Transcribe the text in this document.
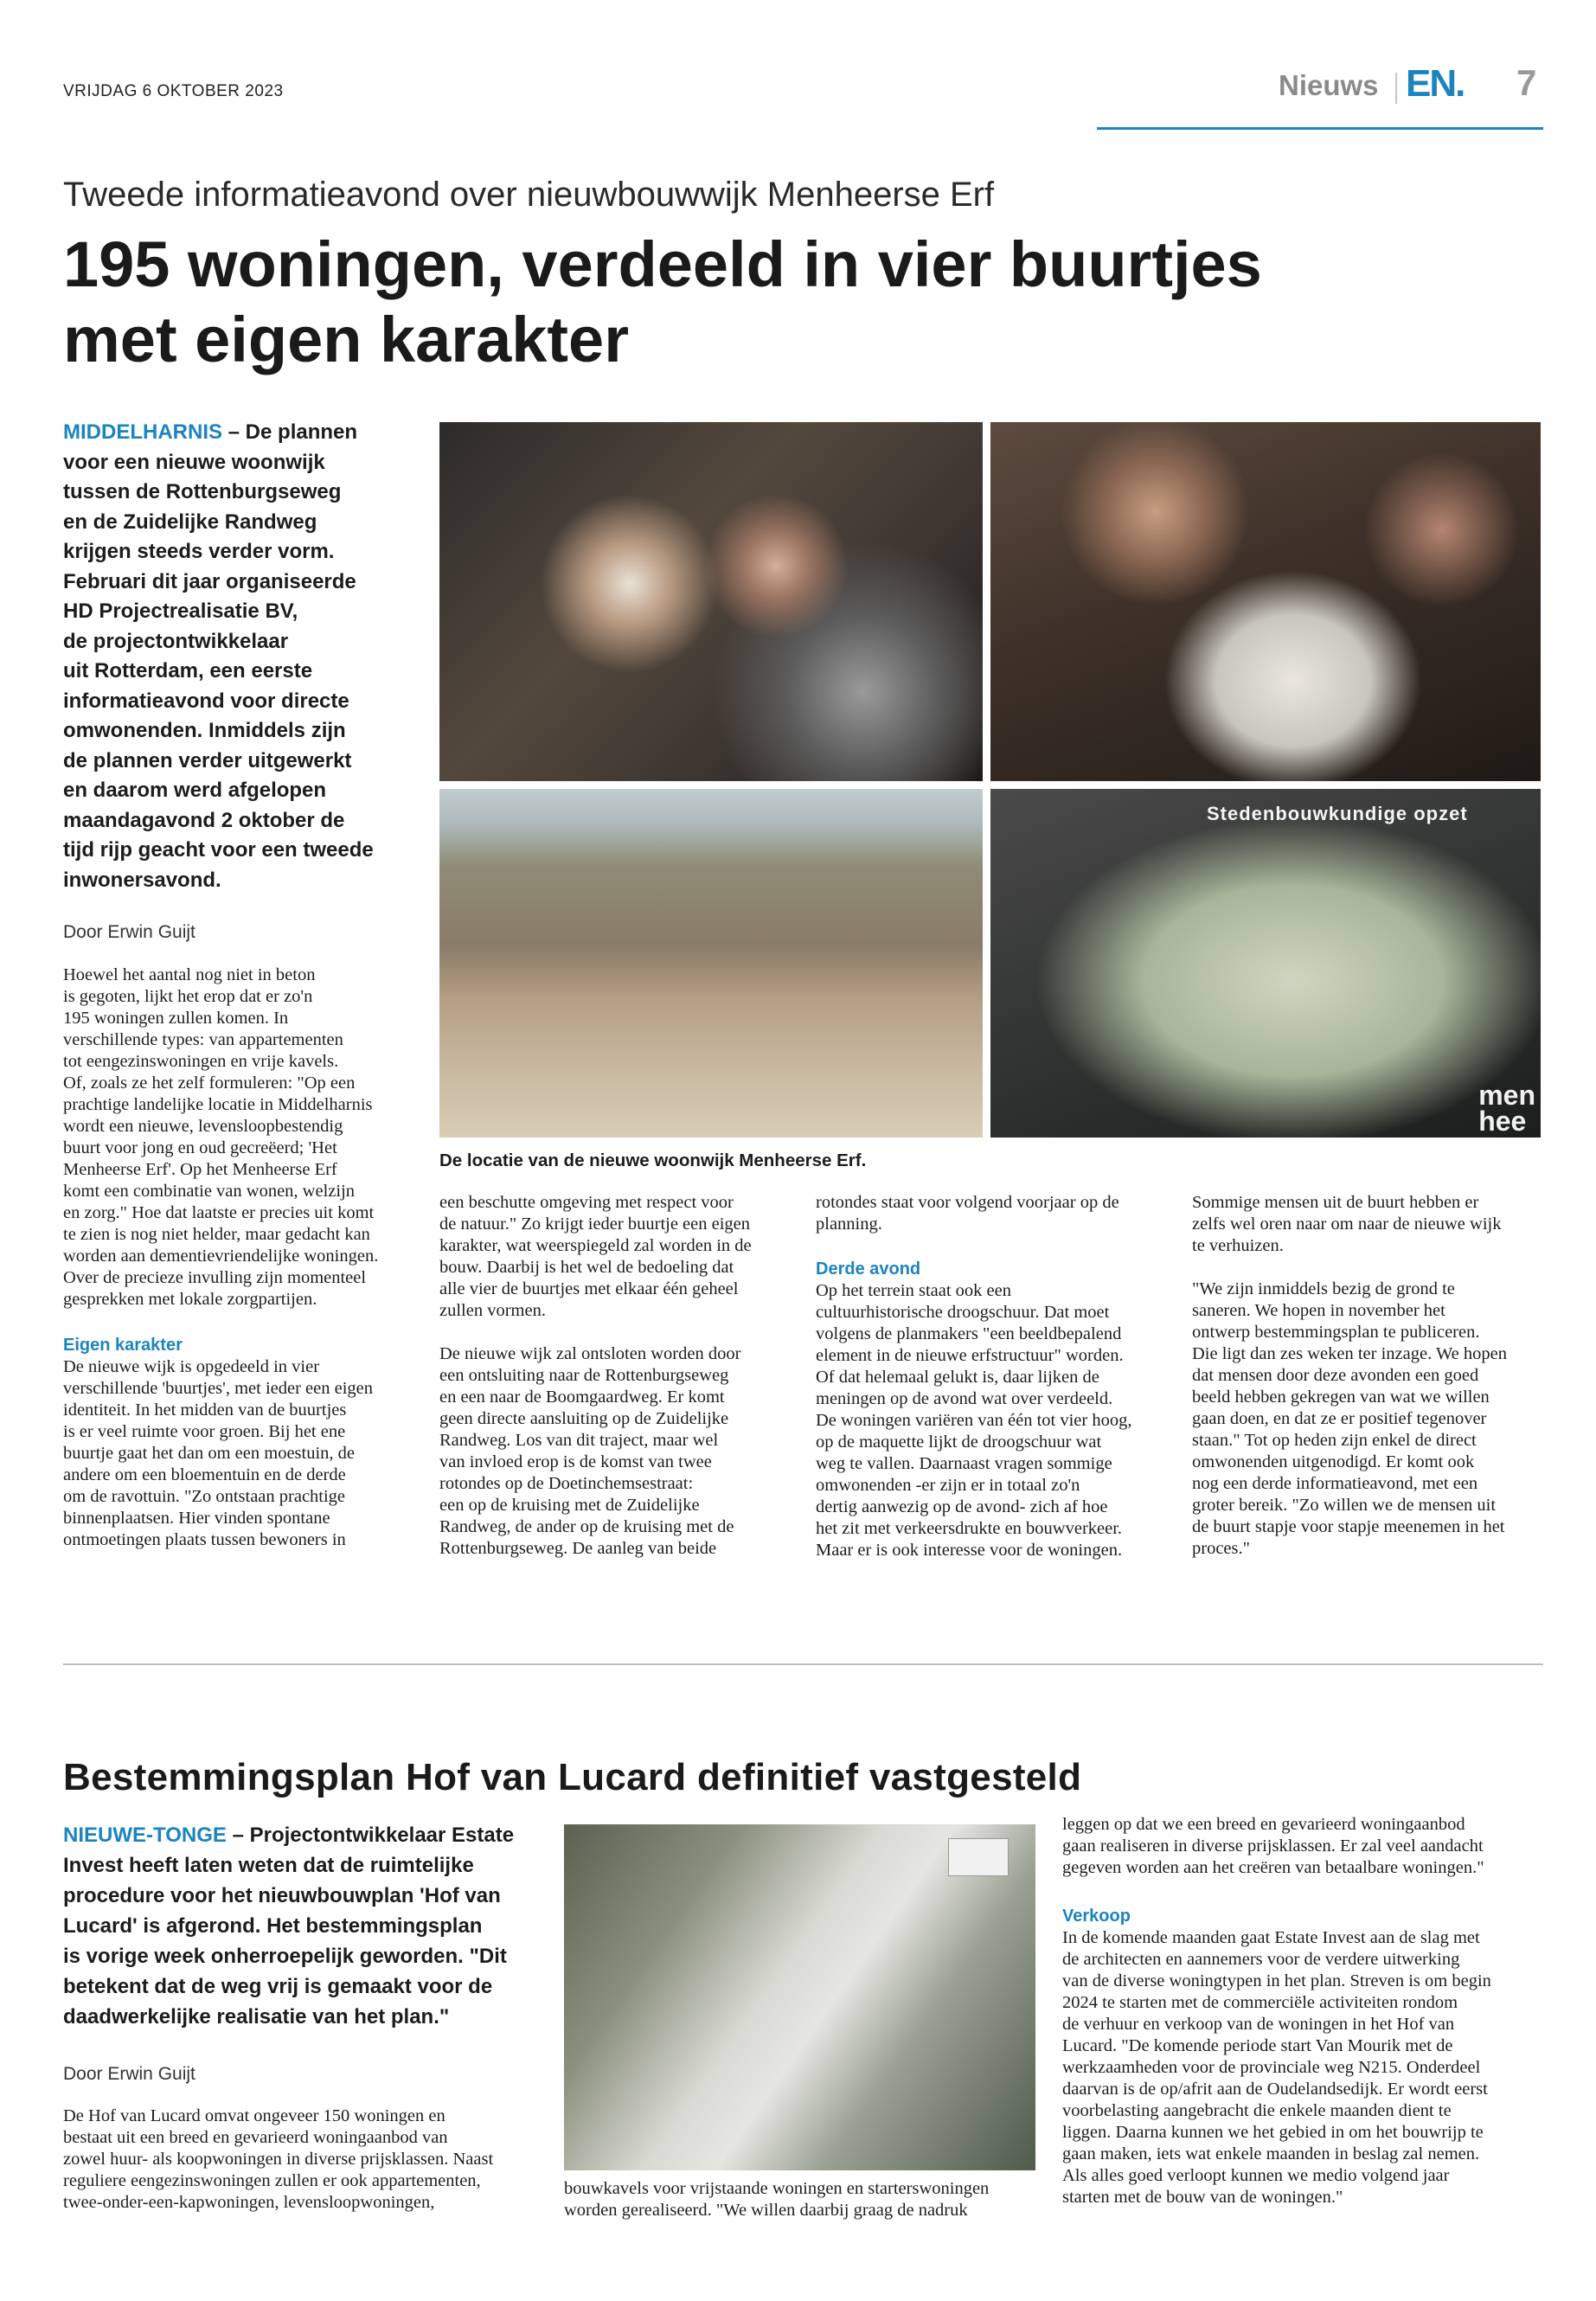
VRIJDAG 6 OKTOBER 2023	Nieuws EN. 7
Tweede informatieavond over nieuwbouwwijk Menheerse Erf
195 woningen, verdeeld in vier buurtjes met eigen karakter
MIDDELHARNIS – De plannen
voor een nieuwe woonwijk
tussen de Rottenburgseweg
en de Zuidelijke Randweg
krijgen steeds verder vorm.
Februari dit jaar organiseerde
HD Projectrealisatie BV,
de projectontwikkelaar
uit Rotterdam, een eerste
informatieavond voor directe
omwonenden. Inmiddels zijn
de plannen verder uitgewerkt
en daarom werd afgelopen
maandagavond 2 oktober de
tijd rijp geacht voor een tweede
inwonersavond.
Door Erwin Guijt
Hoewel het aantal nog niet in beton
is gegoten, lijkt het erop dat er zo'n
195 woningen zullen komen. In
verschillende types: van appartementen
tot eengezinswoningen en vrije kavels.
Of, zoals ze het zelf formuleren: "Op een
prachtige landelijke locatie in Middelharnis
wordt een nieuwe, levensloopbestendig
buurt voor jong en oud gecreëerd; 'Het
Menheerse Erf'. Op het Menheerse Erf
komt een combinatie van wonen, welzijn
en zorg." Hoe dat laatste er precies uit komt
te zien is nog niet helder, maar gedacht kan
worden aan dementievriendelijke woningen.
Over de precieze invulling zijn momenteel
gesprekken met lokale zorgpartijen.
Eigen karakter
De nieuwe wijk is opgedeeld in vier
verschillende 'buurtjes', met ieder een eigen
identiteit. In het midden van de buurtjes
is er veel ruimte voor groen. Bij het ene
buurtje gaat het dan om een moestuin, de
andere om een bloementuin en de derde
om de ravottuin. "Zo ontstaan prachtige
binnenplaatsen. Hier vinden spontane
ontmoetingen plaats tussen bewoners in
een beschutte omgeving met respect voor
de natuur." Zo krijgt ieder buurtje een eigen
karakter, wat weerspiegeld zal worden in de
bouw. Daarbij is het wel de bedoeling dat
alle vier de buurtjes met elkaar één geheel
zullen vormen.

De nieuwe wijk zal ontsloten worden door
een ontsluiting naar de Rottenburgseweg
en een naar de Boomgaardweg. Er komt
geen directe aansluiting op de Zuidelijke
Randweg. Los van dit traject, maar wel
van invloed erop is de komst van twee
rotondes op de Doetinchemsestraat:
een op de kruising met de Zuidelijke
Randweg, de ander op de kruising met de
Rottenburgseweg. De aanleg van beide
rotondes staat voor volgend voorjaar op de
planning.
Derde avond
Op het terrein staat ook een
cultuurhistorische droogschuur. Dat moet
volgens de planmakers "een beeldbepalend
element in de nieuwe erfstructuur" worden.
Of dat helemaal gelukt is, daar lijken de
meningen op de avond wat over verdeeld.
De woningen variëren van één tot vier hoog,
op de maquette lijkt de droogschuur wat
weg te vallen. Daarnaast vragen sommige
omwonenden -er zijn er in totaal zo'n
dertig aanwezig op de avond- zich af hoe
het zit met verkeersdrukte en bouwverkeer.
Maar er is ook interesse voor de woningen.
Sommige mensen uit de buurt hebben er
zelfs wel oren naar om naar de nieuwe wijk
te verhuizen.

"We zijn inmiddels bezig de grond te
saneren. We hopen in november het
ontwerp bestemmingsplan te publiceren.
Die ligt dan zes weken ter inzage. We hopen
dat mensen door deze avonden een goed
beeld hebben gekregen van wat we willen
gaan doen, en dat ze er positief tegenover
staan." Tot op heden zijn enkel de direct
omwonenden uitgenodigd. Er komt ook
nog een derde informatieavond, met een
groter bereik. "Zo willen we de mensen uit
de buurt stapje voor stapje meenemen in het
proces."
Stedenbouwkundige opzet
men
hee
De locatie van de nieuwe woonwijk Menheerse Erf.
Bestemmingsplan Hof van Lucard definitief vastgesteld
NIEUWE-TONGE – Projectontwikkelaar Estate
Invest heeft laten weten dat de ruimtelijke
procedure voor het nieuwbouwplan 'Hof van
Lucard' is afgerond. Het bestemmingsplan
is vorige week onherroepelijk geworden. "Dit
betekent dat de weg vrij is gemaakt voor de
daadwerkelijke realisatie van het plan."
Door Erwin Guijt
De Hof van Lucard omvat ongeveer 150 woningen en
bestaat uit een breed en gevarieerd woningaanbod van
zowel huur- als koopwoningen in diverse prijsklassen. Naast
reguliere eengezinswoningen zullen er ook appartementen,
twee-onder-een-kapwoningen, levensloopwoningen,
bouwkavels voor vrijstaande woningen en starterswoningen
worden gerealiseerd. "We willen daarbij graag de nadruk
leggen op dat we een breed en gevarieerd woningaanbod
gaan realiseren in diverse prijsklassen. Er zal veel aandacht
gegeven worden aan het creëren van betaalbare woningen."
Verkoop
In de komende maanden gaat Estate Invest aan de slag met
de architecten en aannemers voor de verdere uitwerking
van de diverse woningtypen in het plan. Streven is om begin
2024 te starten met de commerciële activiteiten rondom
de verhuur en verkoop van de woningen in het Hof van
Lucard. "De komende periode start Van Mourik met de
werkzaamheden voor de provinciale weg N215. Onderdeel
daarvan is de op/afrit aan de Oudelandsedijk. Er wordt eerst
voorbelasting aangebracht die enkele maanden dient te
liggen. Daarna kunnen we het gebied in om het bouwrijp te
gaan maken, iets wat enkele maanden in beslag zal nemen.
Als alles goed verloopt kunnen we medio volgend jaar
starten met de bouw van de woningen."
